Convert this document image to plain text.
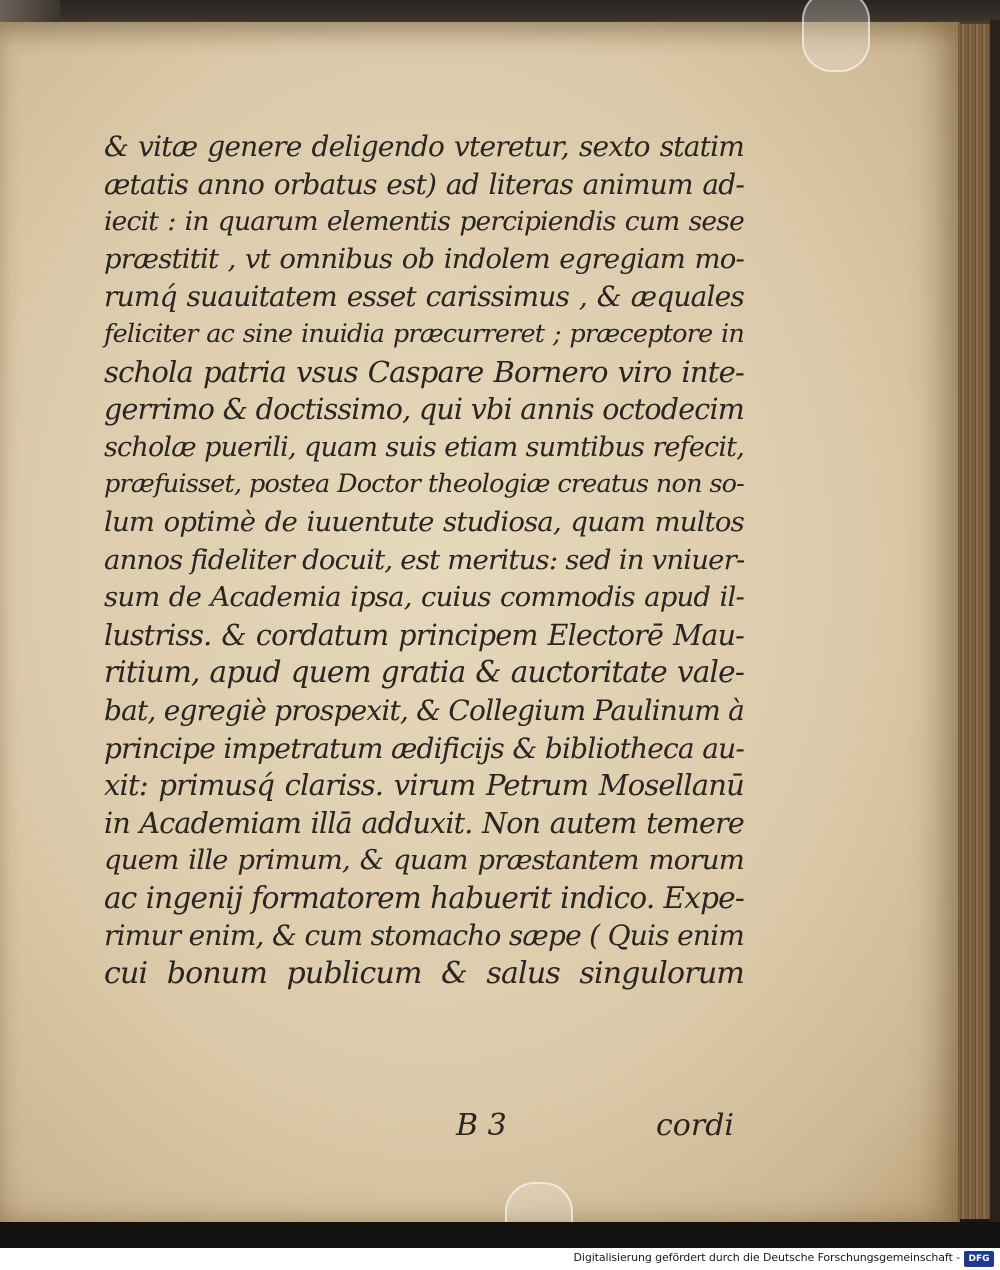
& vitæ genere deligendo vteretur, sexto statim
ætatis anno orbatus est) ad literas animum ad-
iecit : in quarum elementis percipiendis cum sese
præstitit , vt omnibus ob indolem egregiam mo-
rumq́ suauitatem esset carissimus , & æquales
feliciter ac sine inuidia præcurreret ; præceptore in
schola patria vsus Caspare Bornero viro inte-
gerrimo & doctissimo, qui vbi annis octodecim
scholæ puerili, quam suis etiam sumtibus refecit,
præfuisset, postea Doctor theologiæ creatus non so-
lum optimè de iuuentute studiosa, quam multos
annos fideliter docuit, est meritus: sed in vniuer-
sum de Academia ipsa, cuius commodis apud il-
lustriss. & cordatum principem Electorē Mau-
ritium, apud quem gratia & auctoritate vale-
bat, egregiè prospexit, & Collegium Paulinum à
principe impetratum ædificijs & bibliotheca au-
xit: primusq́ clariss. virum Petrum Mosellanū
in Academiam illā adduxit. Non autem temere
quem ille primum, & quam præstantem morum
ac ingenij formatorem habuerit indico. Expe-
rimur enim, & cum stomacho sæpe ( Quis enim
cui bonum publicum & salus singulorum
B 3	cordi
Digitalisierung gefördert durch die Deutsche Forschungsgemeinschaft - DFG
